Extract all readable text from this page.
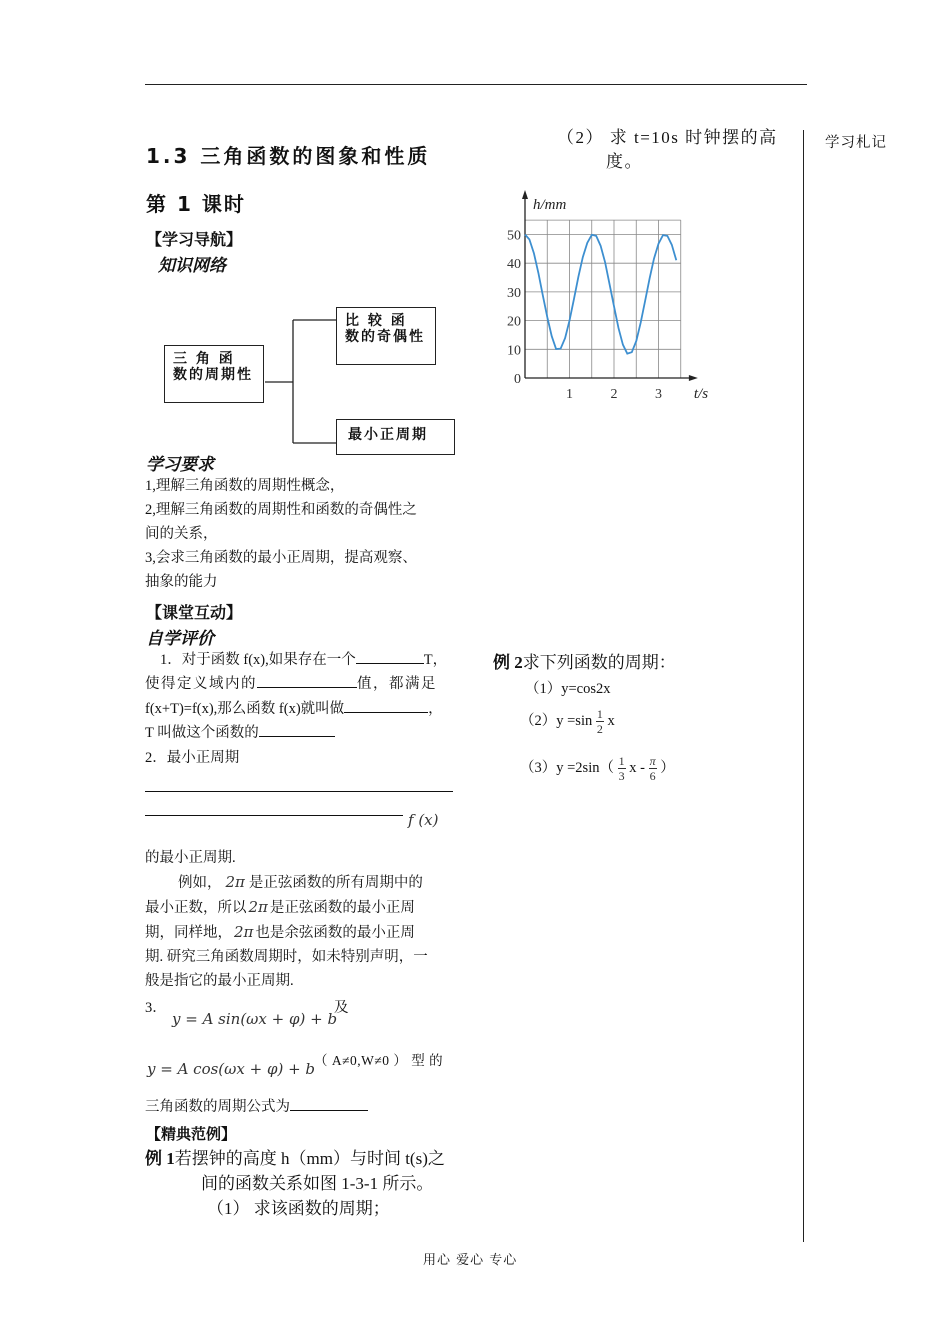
学习札记
1.3 三角函数的图象和性质
第 1 课时
【学习导航】
知识网络
三 角 函 数的周期性
比 较 函 数的奇偶性
最小正周期
学习要求
1,理解三角函数的周期性概念，
2,理解三角函数的周期性和函数的奇偶性之
间的关系，
3,会求三角函数的最小正周期，提高观察、
抽象的能力
【课堂互动】
自学评价
1．对于函数 f(x),如果存在一个	T，
使得定义域内的	值，都满足
f(x+T)=f(x),那么函数 f(x)就叫做	，
T 叫做这个函数的
2．最小正周期
f (x)
的最小正周期.
例如， 2π 是正弦函数的所有周期中的
最小正数，所以 2π 是正弦函数的最小正周
期，同样地， 2π 也是余弦函数的最小正周
期. 研究三角函数周期时，如未特别声明，一
般是指它的最小正周期.
3．
y = A sin(ωx + φ) + b
及
y = A cos(ωx + φ) + b
（ A≠0,W≠0 ） 型 的
三角函数的周期公式为
【精典范例】
例 1若摆钟的高度 h（mm）与时间 t(s)之
间的函数关系如图 1-3-1 所示。
（1） 求该函数的周期；
（2） 求 t=10s 时钟摆的高
度。
1	2	3
0
10
20
30
40
50
t/s
h/mm
例 2求下列函数的周期：
（1）y=cos2x
$(2)y =\sin \frac{1}{2}$ x
$(3)y =2\sin( \frac{1}{3}$ x - $\frac{\pi}{6}$ ）
用心 爱心 专心
